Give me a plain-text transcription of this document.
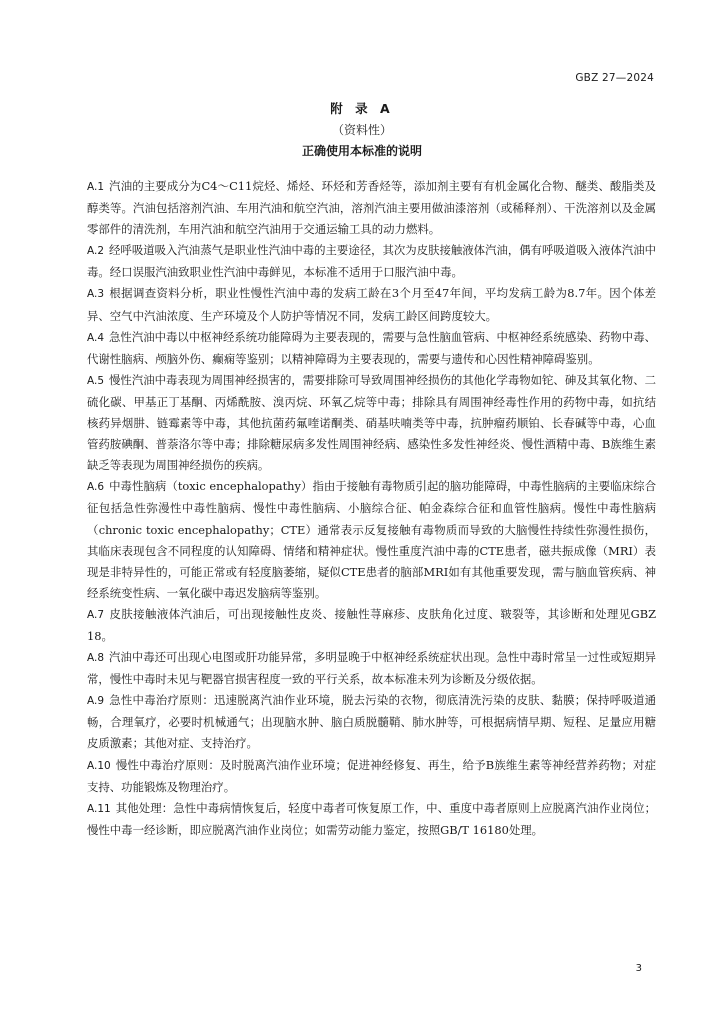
GBZ 27—2024
附 录 A
（资料性）
正确使用本标准的说明

A.1 汽油的主要成分为C4～C11烷烃、烯烃、环烃和芳香烃等，添加剂主要有有机金属化合物、醚类、酸脂类及醇类等。汽油包括溶剂汽油、车用汽油和航空汽油，溶剂汽油主要用做油漆溶剂（或稀释剂）、干洗溶剂以及金属零部件的清洗剂，车用汽油和航空汽油用于交通运输工具的动力燃料。

A.2 经呼吸道吸入汽油蒸气是职业性汽油中毒的主要途径，其次为皮肤接触液体汽油，偶有呼吸道吸入液体汽油中毒。经口误服汽油致职业性汽油中毒鲜见，本标准不适用于口服汽油中毒。

A.3 根据调查资料分析，职业性慢性汽油中毒的发病工龄在3个月至47年间，平均发病工龄为8.7年。因个体差异、空气中汽油浓度、生产环境及个人防护等情况不同，发病工龄区间跨度较大。

A.4 急性汽油中毒以中枢神经系统功能障碍为主要表现的，需要与急性脑血管病、中枢神经系统感染、药物中毒、代谢性脑病、颅脑外伤、癫痫等鉴别；以精神障碍为主要表现的，需要与遗传和心因性精神障碍鉴别。

A.5 慢性汽油中毒表现为周围神经损害的，需要排除可导致周围神经损伤的其他化学毒物如铊、砷及其氧化物、二硫化碳、甲基正丁基酮、丙烯酰胺、溴丙烷、环氧乙烷等中毒；排除具有周围神经毒性作用的药物中毒，如抗结核药异烟肼、链霉素等中毒，其他抗菌药氟喹诺酮类、硝基呋喃类等中毒，抗肿瘤药顺铂、长春碱等中毒，心血管药胺碘酮、普萘洛尔等中毒；排除糖尿病多发性周围神经病、感染性多发性神经炎、慢性酒精中毒、B族维生素缺乏等表现为周围神经损伤的疾病。

A.6 中毒性脑病（toxic encephalopathy）指由于接触有毒物质引起的脑功能障碍，中毒性脑病的主要临床综合征包括急性弥漫性中毒性脑病、慢性中毒性脑病、小脑综合征、帕金森综合征和血管性脑病。慢性中毒性脑病（chronic toxic encephalopathy；CTE）通常表示反复接触有毒物质而导致的大脑慢性持续性弥漫性损伤，其临床表现包含不同程度的认知障碍、情绪和精神症状。慢性重度汽油中毒的CTE患者，磁共振成像（MRI）表现是非特异性的，可能正常或有轻度脑萎缩，疑似CTE患者的脑部MRI如有其他重要发现，需与脑血管疾病、神经系统变性病、一氧化碳中毒迟发脑病等鉴别。

A.7 皮肤接触液体汽油后，可出现接触性皮炎、接触性荨麻疹、皮肤角化过度、皲裂等，其诊断和处理见GBZ 18。

A.8 汽油中毒还可出现心电图或肝功能异常，多明显晚于中枢神经系统症状出现。急性中毒时常呈一过性或短期异常，慢性中毒时未见与靶器官损害程度一致的平行关系，故本标准未列为诊断及分级依据。

A.9 急性中毒治疗原则：迅速脱离汽油作业环境，脱去污染的衣物，彻底清洗污染的皮肤、黏膜；保持呼吸道通畅，合理氧疗，必要时机械通气；出现脑水肿、脑白质脱髓鞘、肺水肿等，可根据病情早期、短程、足量应用糖皮质激素；其他对症、支持治疗。

A.10 慢性中毒治疗原则：及时脱离汽油作业环境；促进神经修复、再生，给予B族维生素等神经营养药物；对症支持、功能锻炼及物理治疗。

A.11 其他处理：急性中毒病情恢复后，轻度中毒者可恢复原工作，中、重度中毒者原则上应脱离汽油作业岗位；慢性中毒一经诊断，即应脱离汽油作业岗位；如需劳动能力鉴定，按照GB/T 16180处理。

3
